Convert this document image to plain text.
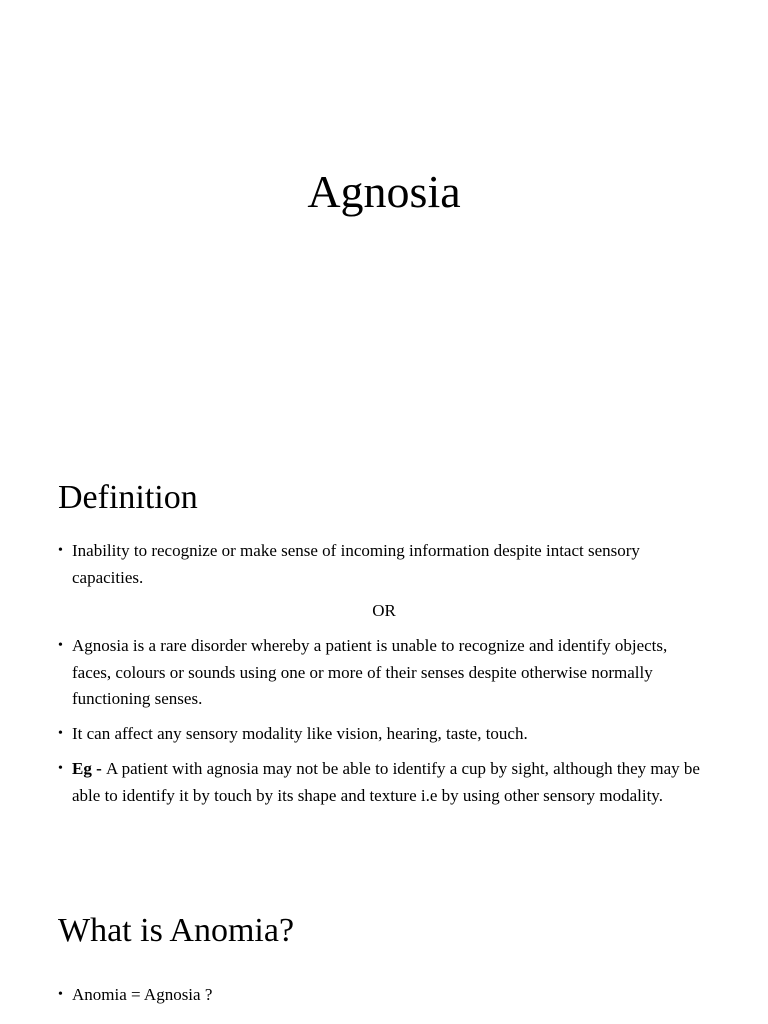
Agnosia
Definition
• Inability to recognize or make sense of incoming information despite intact sensory capacities.
OR
• Agnosia is a rare disorder whereby a patient is unable to recognize and identify objects, faces, colours or sounds using one or more of their senses despite otherwise normally functioning senses.
• It can affect any sensory modality like vision, hearing, taste, touch.
• Eg - A patient with agnosia may not be able to identify a cup by sight, although they may be able to identify it by touch by its shape and texture i.e by using other sensory modality.
What is Anomia?
• Anomia = Agnosia ?
